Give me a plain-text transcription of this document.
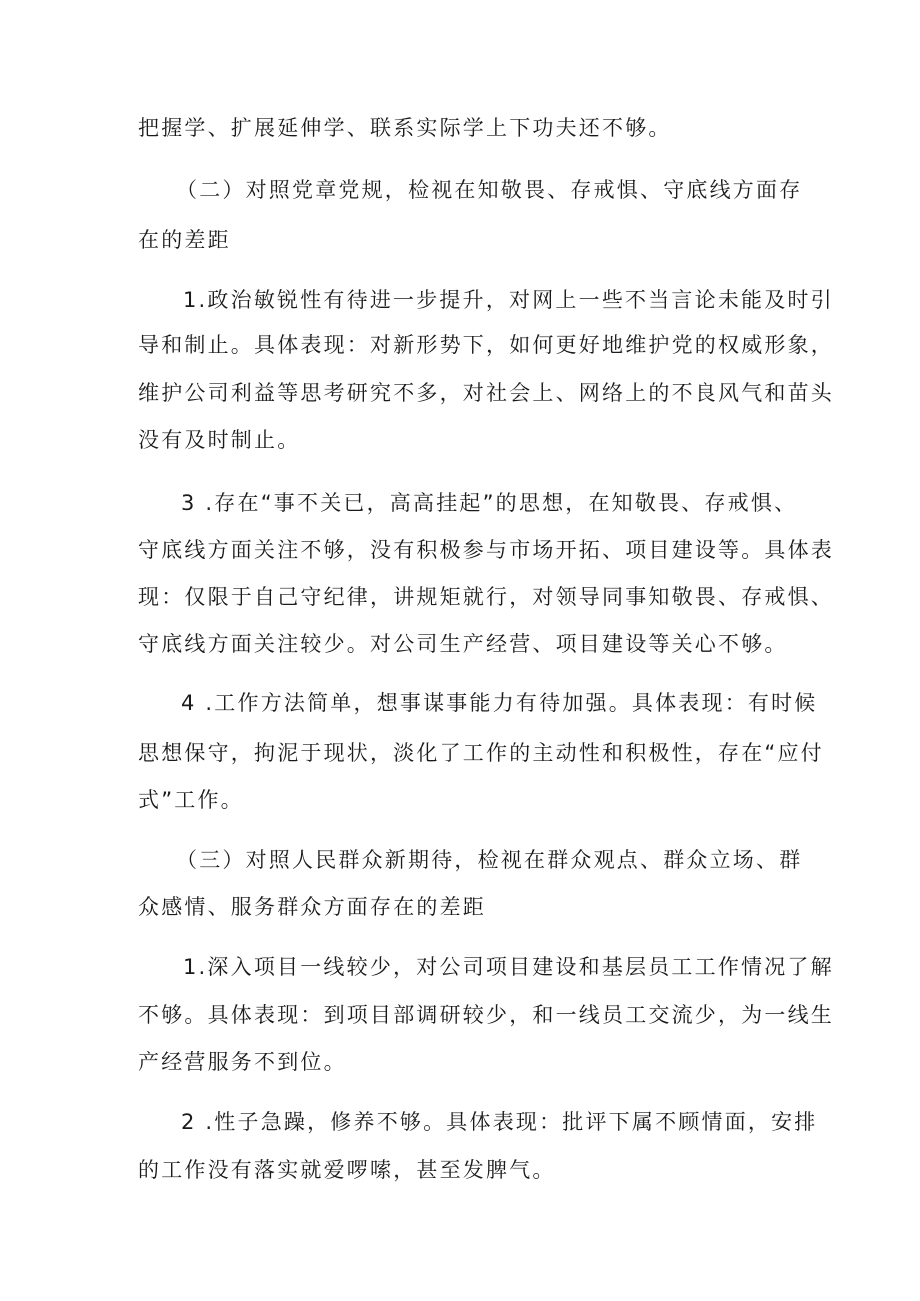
把握学、扩展延伸学、联系实际学上下功夫还不够。
（二）对照党章党规，检视在知敬畏、存戒惧、守底线方面存
在的差距
1.政治敏锐性有待进一步提升，对网上一些不当言论未能及时引
导和制止。具体表现：对新形势下，如何更好地维护党的权威形象，
维护公司利益等思考研究不多，对社会上、网络上的不良风气和苗头
没有及时制止。
3 .存在“事不关已，高高挂起”的思想，在知敬畏、存戒惧、
守底线方面关注不够，没有积极参与市场开拓、项目建设等。具体表
现：仅限于自己守纪律，讲规矩就行，对领导同事知敬畏、存戒惧、
守底线方面关注较少。对公司生产经营、项目建设等关心不够。
4 .工作方法简单，想事谋事能力有待加强。具体表现：有时候
思想保守，拘泥于现状，淡化了工作的主动性和积极性，存在“应付
式”工作。
（三）对照人民群众新期待，检视在群众观点、群众立场、群
众感情、服务群众方面存在的差距
1.深入项目一线较少，对公司项目建设和基层员工工作情况了解
不够。具体表现：到项目部调研较少，和一线员工交流少，为一线生
产经营服务不到位。
2 .性子急躁，修养不够。具体表现：批评下属不顾情面，安排
的工作没有落实就爱啰嗦，甚至发脾气。
